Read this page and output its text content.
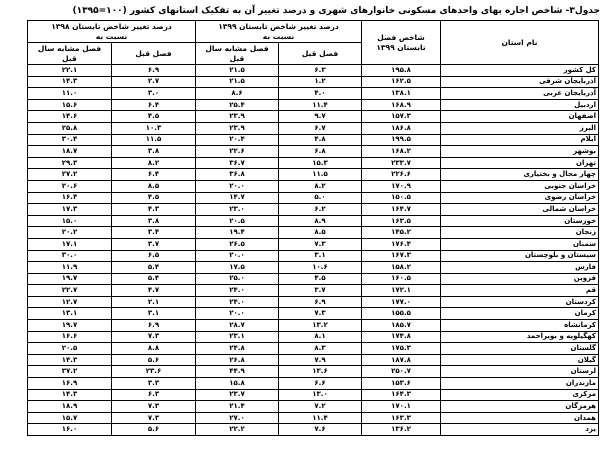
جدول۳- شاخص اجاره بهای واحدهای مسکونی خانوارهای شهری و درصد تغییر آن به تفکیک استانهای کشور (۱۰۰=۱۳۹۵)
نام استان	شاخص فصل
تابستان ۱۳۹۹	درصد تغییر شاخص تابستان ۱۳۹۹
نسبت به		درصد تغییر شاخص تابستان ۱۳۹۸
نسبت به	

		فصل قبل	فصل مشابه سال
قبل	فصل قبل	فصل مشابه سال
قبل

کل کشور	۱۹۵.۸	۶.۳	۲۱.۵	۶.۹	۲۲.۱
آذربایجان شرقی	۱۶۲.۵	۱.۲	۲۱.۵	۲.۷	۱۴.۳
آذربایجان غربی	۱۳۸.۱	۴.۰	۸.۶	۳.۰	۱۱.۰
اردبیل	۱۶۸.۹	۱۱.۴	۲۵.۴	۶.۴	۱۵.۶
اصفهان	۱۵۷.۳	۹.۷	۲۳.۹	۴.۵	۱۴.۶
البرز	۱۸۶.۸	۶.۷	۲۳.۹	۱۰.۳	۲۵.۸
ایلام	۱۹۹.۵	۴.۸	۲۰.۴	۱۱.۵	۳۰.۴
بوشهر	۱۶۸.۲	۶.۸	۲۲.۶	۳.۸	۱۸.۷
تهران	۲۳۳.۷	۱۵.۳	۳۶.۷	۸.۲	۲۹.۳
چهار محال و بختیاری	۲۲۶.۶	۱۱.۵	۳۶.۸	۶.۴	۲۷.۲
خراسان جنوبی	۱۷۰.۹	۸.۲	۲۰.۰	۸.۵	۲۰.۶
خراسان رضوی	۱۵۰.۵	۵.۰	۱۴.۷	۴.۵	۱۶.۴
خراسان شمالی	۱۶۴.۷	۶.۲	۲۳.۰	۴.۳	۱۷.۳
خوزستان	۱۶۳.۵	۸.۹	۲۰.۵	۳.۸	۱۵.۰
زنجان	۱۴۵.۲	۸.۵	۱۹.۴	۳.۴	۲۰.۲
سمنان	۱۷۶.۴	۷.۳	۲۶.۵	۳.۷	۱۷.۱
سیستان و بلوچستان	۱۶۷.۳	۳.۱	۲۰.۰	۶.۵	۳۰.۰
فارس	۱۵۸.۲	۱۰.۶	۱۷.۵	۵.۴	۱۱.۹
قزوین	۱۶۰.۵	۴.۵	۲۵.۰	۵.۴	۱۹.۷
قم	۱۷۲.۱	۳.۷	۲۴.۰	۴.۷	۲۲.۷
کردستان	۱۷۷.۰	۶.۹	۲۴.۰	۲.۱	۱۲.۷
کرمان	۱۵۵.۵	۷.۳	۲۰.۰	۳.۱	۱۳.۱
کرمانشاه	۱۸۵.۷	۱۳.۲	۲۸.۷	۶.۹	۱۹.۷
کهگیلویه و بویراحمد	۱۷۴.۸	۸.۱	۲۳.۱	۷.۳	۱۶.۶
گلستان	۱۷۵.۳	۸.۳	۲۴.۸	۸.۸	۲۰.۵
گیلان	۱۸۷.۸	۷.۹	۲۶.۸	۵.۶	۱۴.۳
لرستان	۲۵۰.۷	۱۳.۶	۴۴.۹	۲۳.۶	۳۷.۲
مازندران	۱۵۳.۶	۶.۶	۱۵.۸	۳.۳	۱۶.۹
مرکزی	۱۶۴.۳	۱۳.۰	۲۳.۷	۶.۳	۱۴.۳
هرمزگان	۱۷۰.۱	۷.۲	۲۱.۴	۷.۳	۱۸.۹
همدان	۱۶۳.۳	۱۱.۴	۲۷.۰	۷.۳	۱۵.۷
یزد	۱۳۶.۲	۷.۶	۲۲.۲	۵.۶	۱۶.۰
